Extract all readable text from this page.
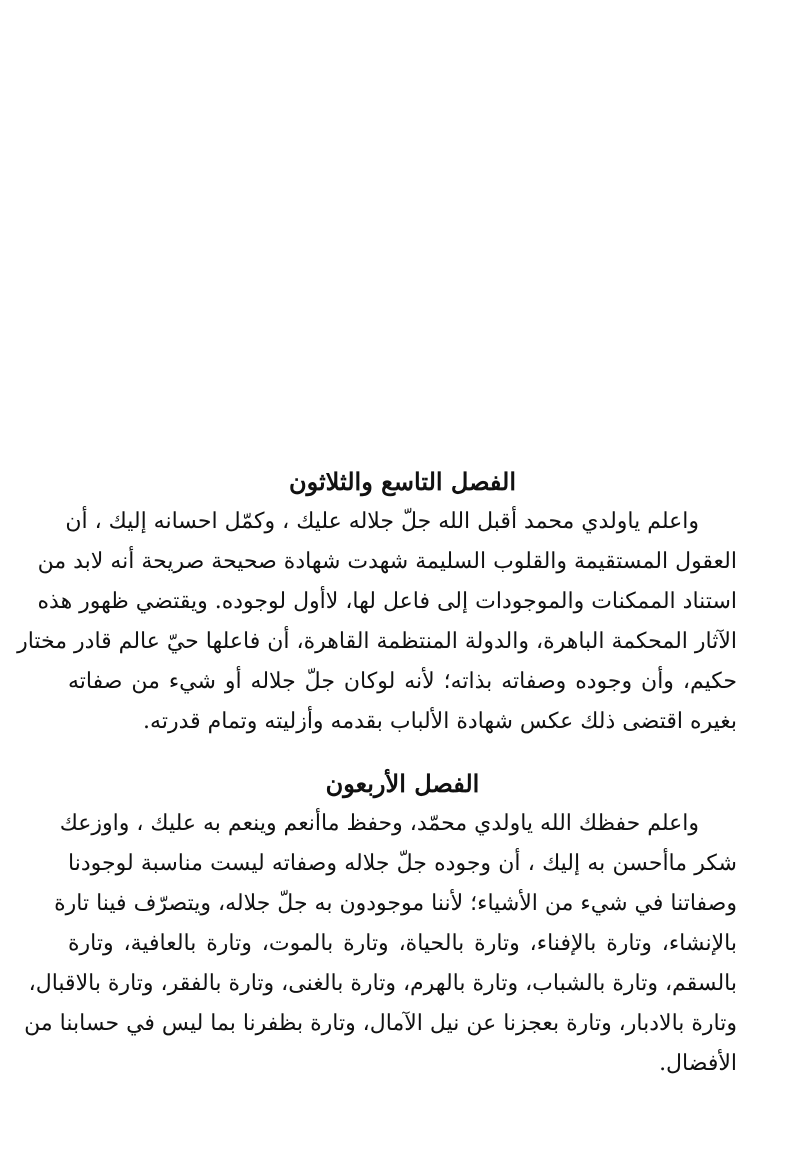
الفصل التاسع والثلاثون
واعلم ياولدي محمد أقبل الله جلّ جلاله عليك ، وكمّل احسانه إليك ، أن
العقول المستقيمة والقلوب السليمة شهدت شهادة صحيحة صريحة أنه لابد من
استناد الممكنات والموجودات إلى فاعل لها، لاأول لوجوده. ويقتضي ظهور هذه
الآثار المحكمة الباهرة، والدولة المنتظمة القاهرة، أن فاعلها حيّ عالم قادر مختار
حكيم، وأن وجوده وصفاته بذاته؛ لأنه لوكان جلّ جلاله أو شيء من صفاته
بغيره اقتضى ذلك عكس شهادة الألباب بقدمه وأزليته وتمام قدرته.
الفصل الأربعون
واعلم حفظك الله ياولدي محمّد، وحفظ ماأنعم وينعم به عليك ، واوزعك
شكر ماأحسن به إليك ، أن وجوده جلّ جلاله وصفاته ليست مناسبة لوجودنا
وصفاتنا في شيء من الأشياء؛ لأننا موجودون به جلّ جلاله، ويتصرّف فينا تارة
بالإنشاء، وتارة بالإفناء، وتارة بالحياة، وتارة بالموت، وتارة بالعافية، وتارة
بالسقم، وتارة بالشباب، وتارة بالهرم، وتارة بالغنى، وتارة بالفقر، وتارة بالاقبال،
وتارة بالادبار، وتارة بعجزنا عن نيل الآمال، وتارة بظفرنا بما ليس في حسابنا من
الأفضال.
